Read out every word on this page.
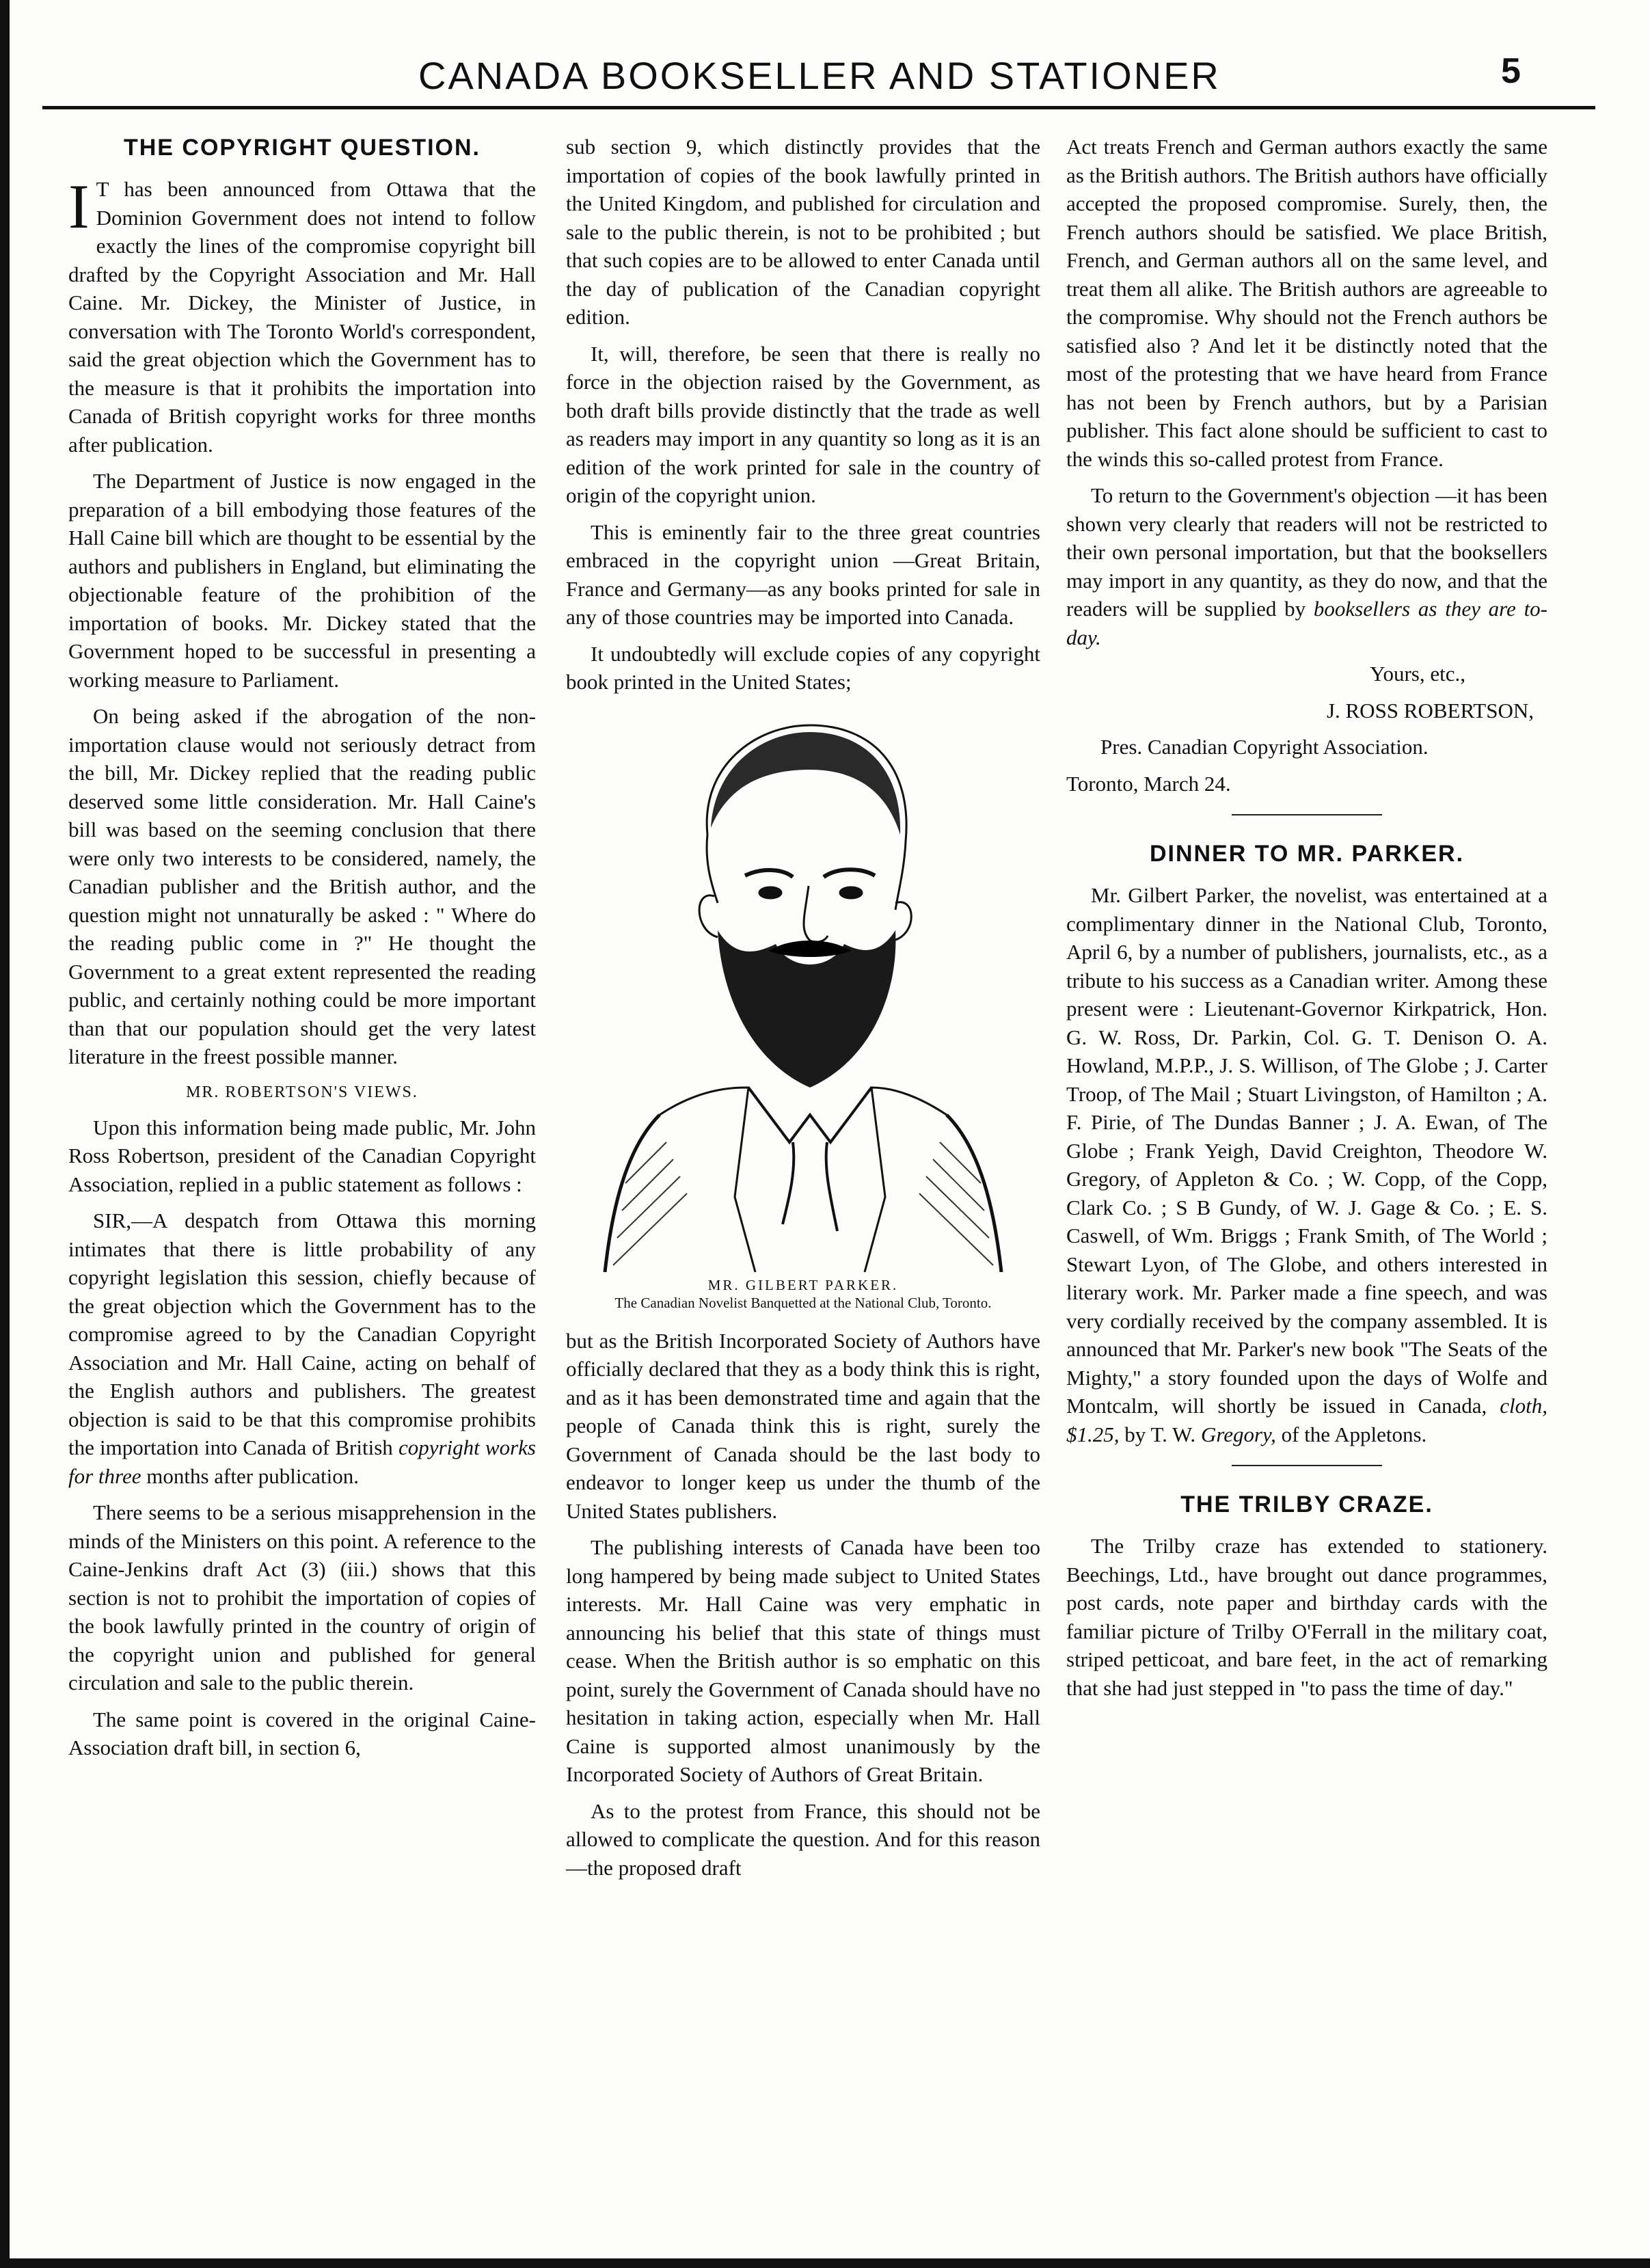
CANADA BOOKSELLER AND STATIONER	5
THE COPYRIGHT QUESTION.

I T has been announced from Ottawa that the Dominion Government does not intend to follow exactly the lines of the compromise copyright bill drafted by the Copyright Association and Mr. Hall Caine. Mr. Dickey, the Minister of Justice, in conversation with The Toronto World's correspondent, said the great objection which the Government has to the measure is that it prohibits the importation into Canada of British copyright works for three months after publication.

The Department of Justice is now engaged in the preparation of a bill embodying those features of the Hall Caine bill which are thought to be essential by the authors and publishers in England, but eliminating the objectionable feature of the prohibition of the importation of books. Mr. Dickey stated that the Government hoped to be successful in presenting a working measure to Parliament.

On being asked if the abrogation of the non-importation clause would not seriously detract from the bill, Mr. Dickey replied that the reading public deserved some little consideration. Mr. Hall Caine's bill was based on the seeming conclusion that there were only two interests to be considered, namely, the Canadian publisher and the British author, and the question might not unnaturally be asked : " Where do the reading public come in ?" He thought the Government to a great extent represented the reading public, and certainly nothing could be more important than that our population should get the very latest literature in the freest possible manner.

MR. ROBERTSON'S VIEWS.

Upon this information being made public, Mr. John Ross Robertson, president of the Canadian Copyright Association, replied in a public statement as follows :

SIR,—A despatch from Ottawa this morning intimates that there is little probability of any copyright legislation this session, chiefly because of the great objection which the Government has to the compromise agreed to by the Canadian Copyright Association and Mr. Hall Caine, acting on behalf of the English authors and publishers. The greatest objection is said to be that this compromise prohibits the importation into Canada of British copyright works for three months after publication.

There seems to be a serious misapprehension in the minds of the Ministers on this point. A reference to the Caine-Jenkins draft Act (3) (iii.) shows that this section is not to prohibit the importation of copies of the book lawfully printed in the country of origin of the copyright union and published for general circulation and sale to the public therein.

The same point is covered in the original Caine-Association draft bill, in section 6,

sub section 9, which distinctly provides that the importation of copies of the book lawfully printed in the United Kingdom, and published for circulation and sale to the public therein, is not to be prohibited ; but that such copies are to be allowed to enter Canada until the day of publication of the Canadian copyright edition.

It, will, therefore, be seen that there is really no force in the objection raised by the Government, as both draft bills provide distinctly that the trade as well as readers may import in any quantity so long as it is an edition of the work printed for sale in the country of origin of the copyright union.

This is eminently fair to the three great countries embraced in the copyright union —Great Britain, France and Germany—as any books printed for sale in any of those countries may be imported into Canada.

It undoubtedly will exclude copies of any copyright book printed in the United States;

MR. GILBERT PARKER.
The Canadian Novelist Banquetted at the National Club, Toronto.

but as the British Incorporated Society of Authors have officially declared that they as a body think this is right, and as it has been demonstrated time and again that the people of Canada think this is right, surely the Government of Canada should be the last body to endeavor to longer keep us under the thumb of the United States publishers.

The publishing interests of Canada have been too long hampered by being made subject to United States interests. Mr. Hall Caine was very emphatic in announcing his belief that this state of things must cease. When the British author is so emphatic on this point, surely the Government of Canada should have no hesitation in taking action, especially when Mr. Hall Caine is supported almost unanimously by the Incorporated Society of Authors of Great Britain.

As to the protest from France, this should not be allowed to complicate the question. And for this reason—the proposed draft

Act treats French and German authors exactly the same as the British authors. The British authors have officially accepted the proposed compromise. Surely, then, the French authors should be satisfied. We place British, French, and German authors all on the same level, and treat them all alike. The British authors are agreeable to the compromise. Why should not the French authors be satisfied also ? And let it be distinctly noted that the most of the protesting that we have heard from France has not been by French authors, but by a Parisian publisher. This fact alone should be sufficient to cast to the winds this so-called protest from France.

To return to the Government's objection —it has been shown very clearly that readers will not be restricted to their own personal importation, but that the booksellers may import in any quantity, as they do now, and that the readers will be supplied by booksellers as they are to-day.

Yours, etc.,

J. ROSS ROBERTSON,

Pres. Canadian Copyright Association.

Toronto, March 24.

DINNER TO MR. PARKER.

Mr. Gilbert Parker, the novelist, was entertained at a complimentary dinner in the National Club, Toronto, April 6, by a number of publishers, journalists, etc., as a tribute to his success as a Canadian writer. Among these present were : Lieutenant-Governor Kirkpatrick, Hon. G. W. Ross, Dr. Parkin, Col. G. T. Denison O. A. Howland, M.P.P., J. S. Willison, of The Globe ; J. Carter Troop, of The Mail ; Stuart Livingston, of Hamilton ; A. F. Pirie, of The Dundas Banner ; J. A. Ewan, of The Globe ; Frank Yeigh, David Creighton, Theodore W. Gregory, of Appleton & Co. ; W. Copp, of the Copp, Clark Co. ; S B Gundy, of W. J. Gage & Co. ; E. S. Caswell, of Wm. Briggs ; Frank Smith, of The World ; Stewart Lyon, of The Globe, and others interested in literary work. Mr. Parker made a fine speech, and was very cordially received by the company assembled. It is announced that Mr. Parker's new book "The Seats of the Mighty," a story founded upon the days of Wolfe and Montcalm, will shortly be issued in Canada, cloth, $1.25, by T. W. Gregory, of the Appletons.

THE TRILBY CRAZE.

The Trilby craze has extended to stationery. Beechings, Ltd., have brought out dance programmes, post cards, note paper and birthday cards with the familiar picture of Trilby O'Ferrall in the military coat, striped petticoat, and bare feet, in the act of remarking that she had just stepped in "to pass the time of day."
